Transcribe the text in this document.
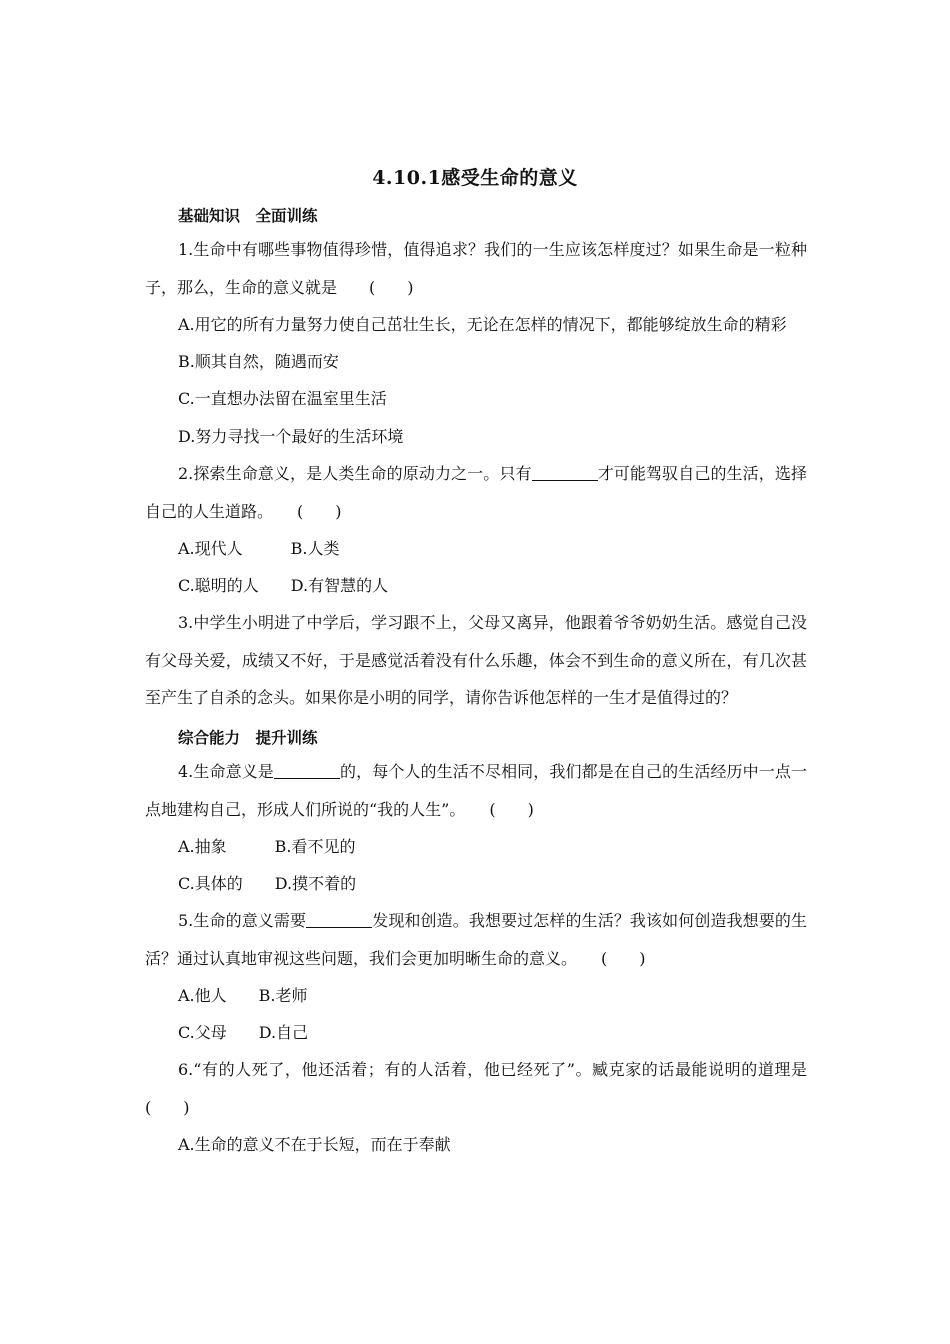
4.10.1感受生命的意义

基础知识　全面训练

1.生命中有哪些事物值得珍惜，值得追求？我们的一生应该怎样度过？如果生命是一粒种子，那么，生命的意义就是　　(　　)

A.用它的所有力量努力使自己茁壮生长，无论在怎样的情况下，都能够绽放生命的精彩

B.顺其自然，随遇而安

C.一直想办法留在温室里生活

D.努力寻找一个最好的生活环境

2.探索生命意义，是人类生命的原动力之一。只有	才可能驾驭自己的生活，选择自己的人生道路。　　(　　)

A.现代人　　　B.人类

C.聪明的人　　D.有智慧的人

3.中学生小明进了中学后，学习跟不上，父母又离异，他跟着爷爷奶奶生活。感觉自己没有父母关爱，成绩又不好，于是感觉活着没有什么乐趣，体会不到生命的意义所在，有几次甚至产生了自杀的念头。如果你是小明的同学，请你告诉他怎样的一生才是值得过的？

综合能力　提升训练

4.生命意义是	的，每个人的生活不尽相同，我们都是在自己的生活经历中一点一点地建构自己，形成人们所说的“我的人生”。　　(　　)

A.抽象　　　B.看不见的

C.具体的　　D.摸不着的

5.生命的意义需要	发现和创造。我想要过怎样的生活？我该如何创造我想要的生活？通过认真地审视这些问题，我们会更加明晰生命的意义。　　(　　)

A.他人　　B.老师

C.父母　　D.自己

6.“有的人死了，他还活着；有的人活着，他已经死了”。臧克家的话最能说明的道理是　　(　　)

A.生命的意义不在于长短，而在于奉献
